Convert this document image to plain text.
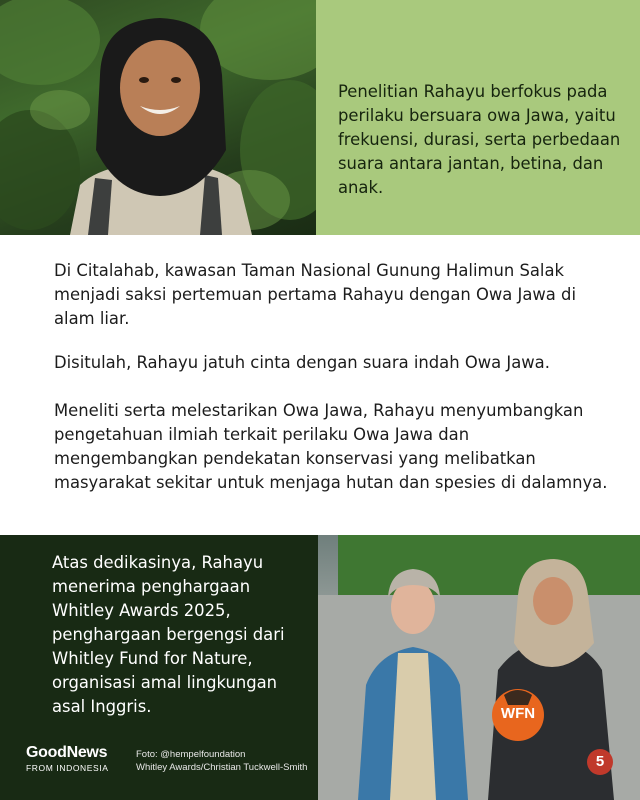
Penelitian Rahayu berfokus pada perilaku bersuara owa Jawa, yaitu frekuensi, durasi, serta perbedaan suara antara jantan, betina, dan anak.

Di Citalahab, kawasan Taman Nasional Gunung Halimun Salak menjadi saksi pertemuan pertama Rahayu dengan Owa Jawa di alam liar.

Disitulah, Rahayu jatuh cinta dengan suara indah Owa Jawa.

Meneliti serta melestarikan Owa Jawa, Rahayu menyumbangkan pengetahuan ilmiah terkait perilaku Owa Jawa dan mengembangkan pendekatan konservasi yang melibatkan masyarakat sekitar untuk menjaga hutan dan spesies di dalamnya.

Atas dedikasinya, Rahayu menerima penghargaan Whitley Awards 2025, penghargaan bergengsi dari Whitley Fund for Nature, organisasi amal lingkungan asal Inggris.

GoodNews
FROM INDONESIA
WFN
Foto: @hempelfoundation
Whitley Awards/Christian Tuckwell-Smith	5
